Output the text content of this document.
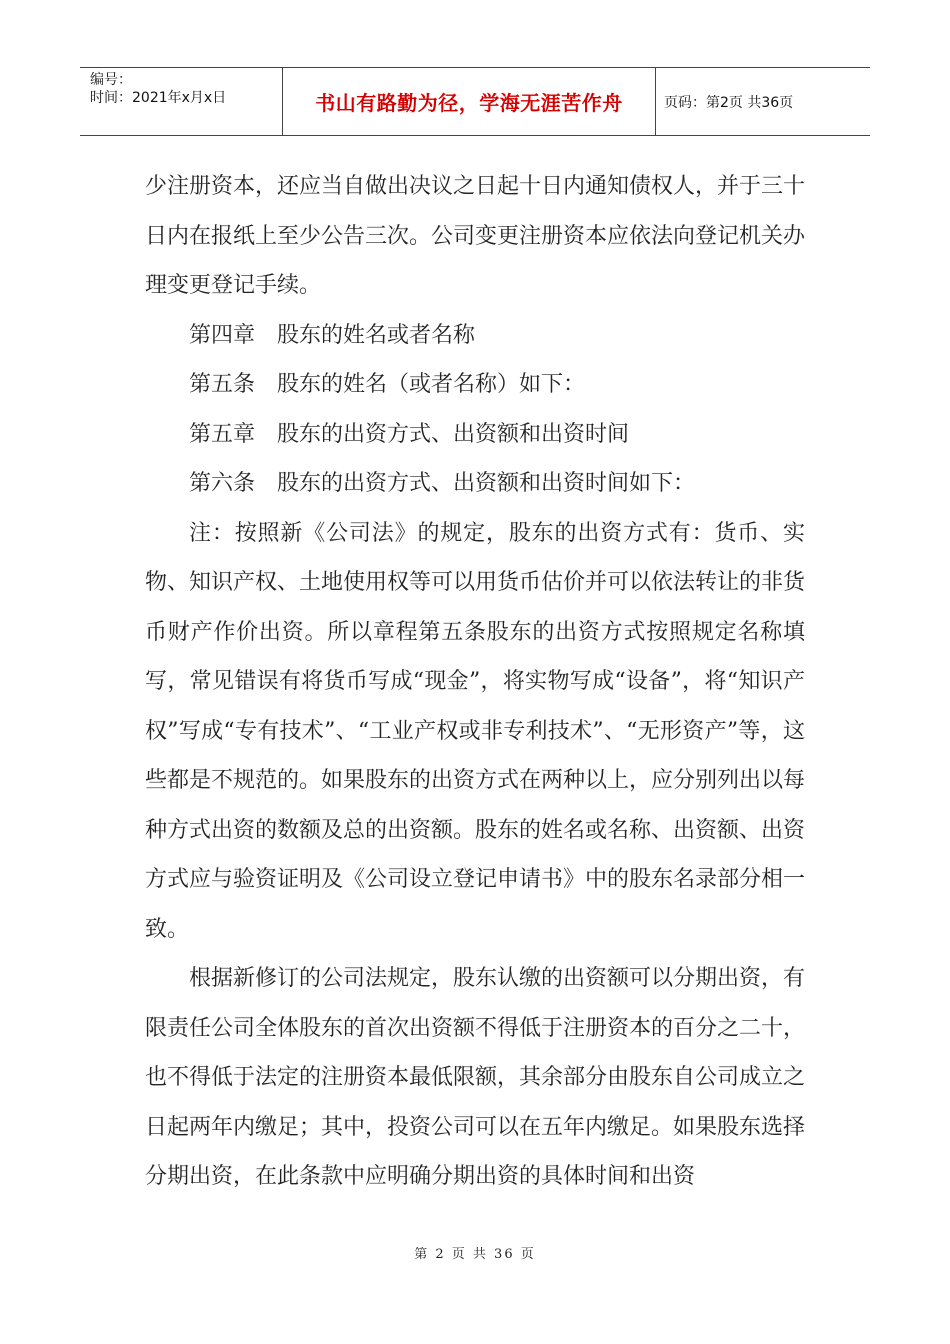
编号：
时间：2021年x月x日	书山有路勤为径，学海无涯苦作舟	页码：第2页 共36页

少注册资本，还应当自做出决议之日起十日内通知债权人，并于三十日内在报纸上至少公告三次。公司变更注册资本应依法向登记机关办理变更登记手续。

第四章　股东的姓名或者名称

第五条　股东的姓名（或者名称）如下：

第五章　股东的出资方式、出资额和出资时间

第六条　股东的出资方式、出资额和出资时间如下：

注：按照新《公司法》的规定，股东的出资方式有：货币、实物、知识产权、土地使用权等可以用货币估价并可以依法转让的非货币财产作价出资。所以章程第五条股东的出资方式按照规定名称填写，常见错误有将货币写成“现金”，将实物写成“设备”，将“知识产权”写成“专有技术”、“工业产权或非专利技术”、“无形资产”等，这些都是不规范的。如果股东的出资方式在两种以上，应分别列出以每种方式出资的数额及总的出资额。股东的姓名或名称、出资额、出资方式应与验资证明及《公司设立登记申请书》中的股东名录部分相一致。

根据新修订的公司法规定，股东认缴的出资额可以分期出资，有限责任公司全体股东的首次出资额不得低于注册资本的百分之二十，也不得低于法定的注册资本最低限额，其余部分由股东自公司成立之日起两年内缴足；其中，投资公司可以在五年内缴足。如果股东选择分期出资，在此条款中应明确分期出资的具体时间和出资

第 2 页 共 36 页
